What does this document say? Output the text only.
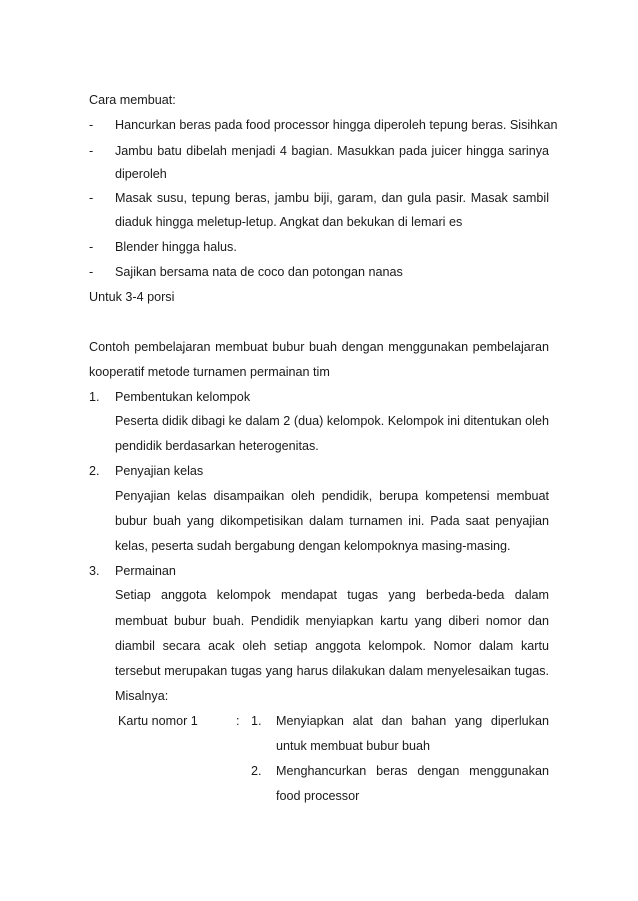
Cara membuat:
- Hancurkan beras pada food processor hingga diperoleh tepung beras. Sisihkan
- Jambu batu dibelah menjadi 4 bagian. Masukkan pada juicer hingga sarinya
diperoleh
- Masak susu, tepung beras, jambu biji, garam, dan gula pasir. Masak sambil
diaduk hingga meletup-letup. Angkat dan bekukan di lemari es
- Blender hingga halus.
- Sajikan bersama nata de coco dan potongan nanas
Untuk 3-4 porsi
Contoh pembelajaran membuat bubur buah dengan menggunakan pembelajaran
kooperatif metode turnamen permainan tim
1. Pembentukan kelompok
Peserta didik dibagi ke dalam 2 (dua) kelompok. Kelompok ini ditentukan oleh
pendidik berdasarkan heterogenitas.
2. Penyajian kelas
Penyajian kelas disampaikan oleh pendidik, berupa kompetensi membuat
bubur buah yang dikompetisikan dalam turnamen ini. Pada saat penyajian
kelas, peserta sudah bergabung dengan kelompoknya masing-masing.
3. Permainan
Setiap anggota kelompok mendapat tugas yang berbeda-beda dalam
membuat bubur buah. Pendidik menyiapkan kartu yang diberi nomor dan
diambil secara acak oleh setiap anggota kelompok. Nomor dalam kartu
tersebut merupakan tugas yang harus dilakukan dalam menyelesaikan tugas.
Misalnya:
Kartu nomor 1	: 1. Menyiapkan alat dan bahan yang diperlukan
untuk membuat bubur buah
2. Menghancurkan beras dengan menggunakan
food processor
